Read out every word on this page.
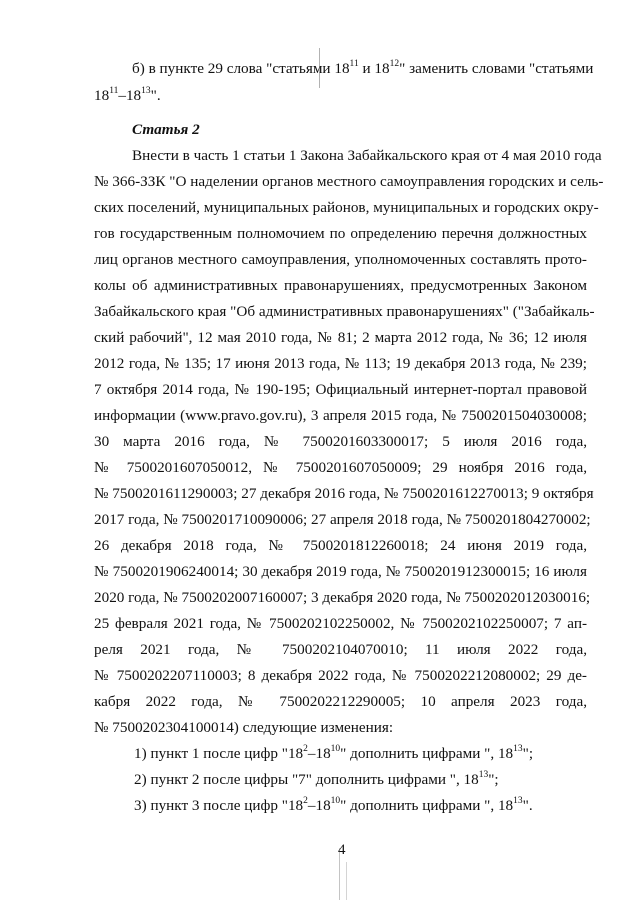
б) в пункте 29 слова "статьями $18^{11}$ и $18^{12}$" заменить словами "статьями
$18^{11}-18^{13}$".
Статья 2
Внести в часть 1 статьи 1 Закона Забайкальского края от 4 мая 2010 года
№ 366-ЗЗК "О наделении органов местного самоуправления городских и сель-
ских поселений, муниципальных районов, муниципальных и городских окру-
гов государственным полномочием по определению перечня должностных
лиц органов местного самоуправления, уполномоченных составлять прото-
колы об административных правонарушениях, предусмотренных Законом
Забайкальского края "Об административных правонарушениях" ("Забайкаль-
ский рабочий", 12 мая 2010 года, № 81; 2 марта 2012 года, № 36; 12 июля
2012 года, № 135; 17 июня 2013 года, № 113; 19 декабря 2013 года, № 239;
7 октября 2014 года, № 190-195; Официальный интернет-портал правовой
информации (www.pravo.gov.ru), 3 апреля 2015 года, № 7500201504030008;
30 марта 2016 года, № 7500201603300017; 5 июля 2016 года,
№ 7500201607050012, № 7500201607050009; 29 ноября 2016 года,
№ 7500201611290003; 27 декабря 2016 года, № 7500201612270013; 9 октября
2017 года, № 7500201710090006; 27 апреля 2018 года, № 7500201804270002;
26 декабря 2018 года, № 7500201812260018; 24 июня 2019 года,
№ 7500201906240014; 30 декабря 2019 года, № 7500201912300015; 16 июля
2020 года, № 7500202007160007; 3 декабря 2020 года, № 7500202012030016;
25 февраля 2021 года, № 7500202102250002, № 7500202102250007; 7 ап-
реля 2021 года, № 7500202104070010; 11 июля 2022 года,
№ 7500202207110003; 8 декабря 2022 года, № 7500202212080002; 29 де-
кабря 2022 года, № 7500202212290005; 10 апреля 2023 года,
№ 7500202304100014) следующие изменения:
1) пункт 1 после цифр "$18^2-18^{10}$" дополнить цифрами ", $18^{13}$";
2) пункт 2 после цифры "7" дополнить цифрами ", $18^{13}$";
3) пункт 3 после цифр "$18^2-18^{10}$" дополнить цифрами ", $18^{13}$".
4
